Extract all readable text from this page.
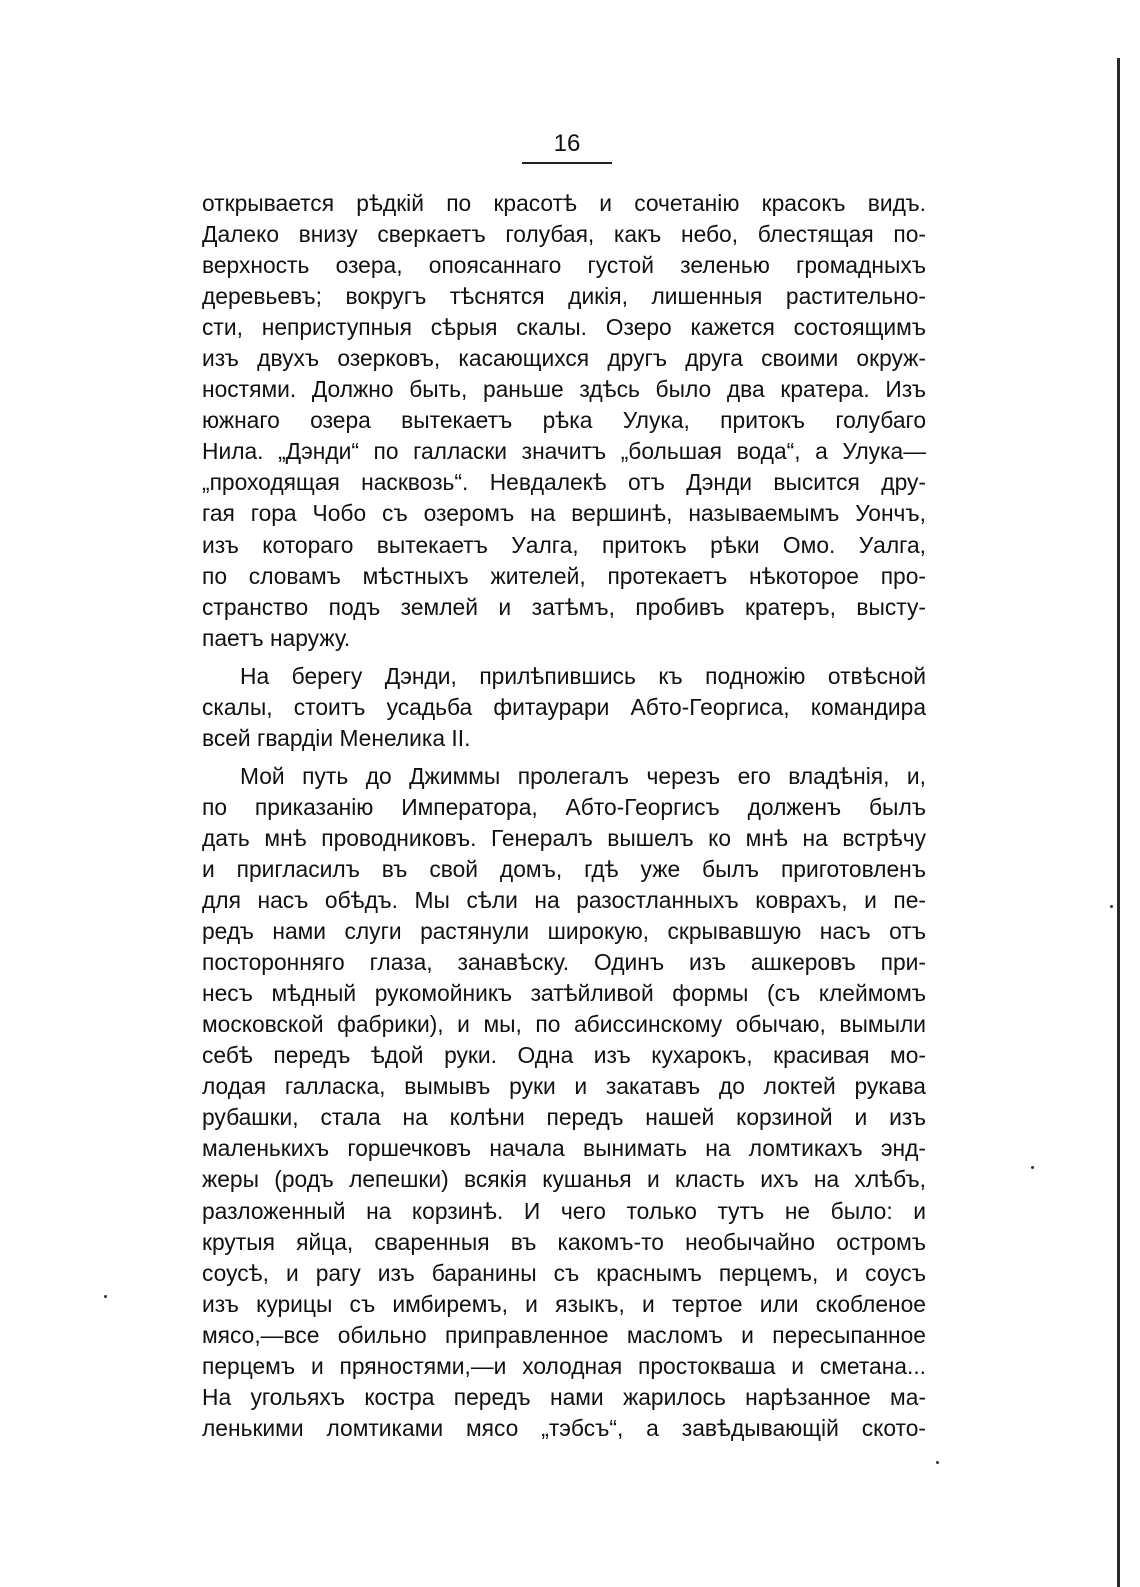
16
открывается рѣдкій по красотѣ и сочетанію красокъ видъ.
Далеко внизу сверкаетъ голубая, какъ небо, блестящая по-
верхность озера, опоясаннаго густой зеленью громадныхъ
деревьевъ; вокругъ тѣснятся дикія, лишенныя растительно-
сти, неприступныя сѣрыя скалы. Озеро кажется состоящимъ
изъ двухъ озерковъ, касающихся другъ друга своими окруж-
ностями. Должно быть, раньше здѣсь было два кратера. Изъ
южнаго озера вытекаетъ рѣка Улука, притокъ голубаго
Нила. „Дэнди“ по галласки значитъ „большая вода“, а Улука—
„проходящая насквозь“. Невдалекѣ отъ Дэнди высится дру-
гая гора Чобо съ озеромъ на вершинѣ, называемымъ Уончъ,
изъ котораго вытекаетъ Уалга, притокъ рѣки Омо. Уалга,
по словамъ мѣстныхъ жителей, протекаетъ нѣкоторое про-
странство подъ землей и затѣмъ, пробивъ кратеръ, высту-
паетъ наружу.
На берегу Дэнди, прилѣпившись къ подножію отвѣсной
скалы, стоитъ усадьба фитаурари Абто-Георгиса, командира
всей гвардіи Менелика II.
Мой путь до Джиммы пролегалъ черезъ его владѣнія, и,
по приказанію Императора, Абто-Георгисъ долженъ былъ
дать мнѣ проводниковъ. Генералъ вышелъ ко мнѣ на встрѣчу
и пригласилъ въ свой домъ, гдѣ уже былъ приготовленъ
для насъ обѣдъ. Мы сѣли на разостланныхъ коврахъ, и пе-
редъ нами слуги растянули широкую, скрывавшую насъ отъ
посторонняго глаза, занавѣску. Одинъ изъ ашкеровъ при-
несъ мѣдный рукомойникъ затѣйливой формы (съ клеймомъ
московской фабрики), и мы, по абиссинскому обычаю, вымыли
себѣ передъ ѣдой руки. Одна изъ кухарокъ, красивая мо-
лодая галласка, вымывъ руки и закатавъ до локтей рукава
рубашки, стала на колѣни передъ нашей корзиной и изъ
маленькихъ горшечковъ начала вынимать на ломтикахъ энд-
жеры (родъ лепешки) всякія кушанья и класть ихъ на хлѣбъ,
разложенный на корзинѣ. И чего только тутъ не было: и
крутыя яйца, сваренныя въ какомъ-то необычайно остромъ
соусѣ, и рагу изъ баранины съ краснымъ перцемъ, и соусъ
изъ курицы съ имбиремъ, и языкъ, и тертое или скобленое
мясо,—все обильно приправленное масломъ и пересыпанное
перцемъ и пряностями,—и холодная простокваша и сметана...
На угольяхъ костра передъ нами жарилось нарѣзанное ма-
ленькими ломтиками мясо „тэбсъ“, а завѣдывающій ското-
